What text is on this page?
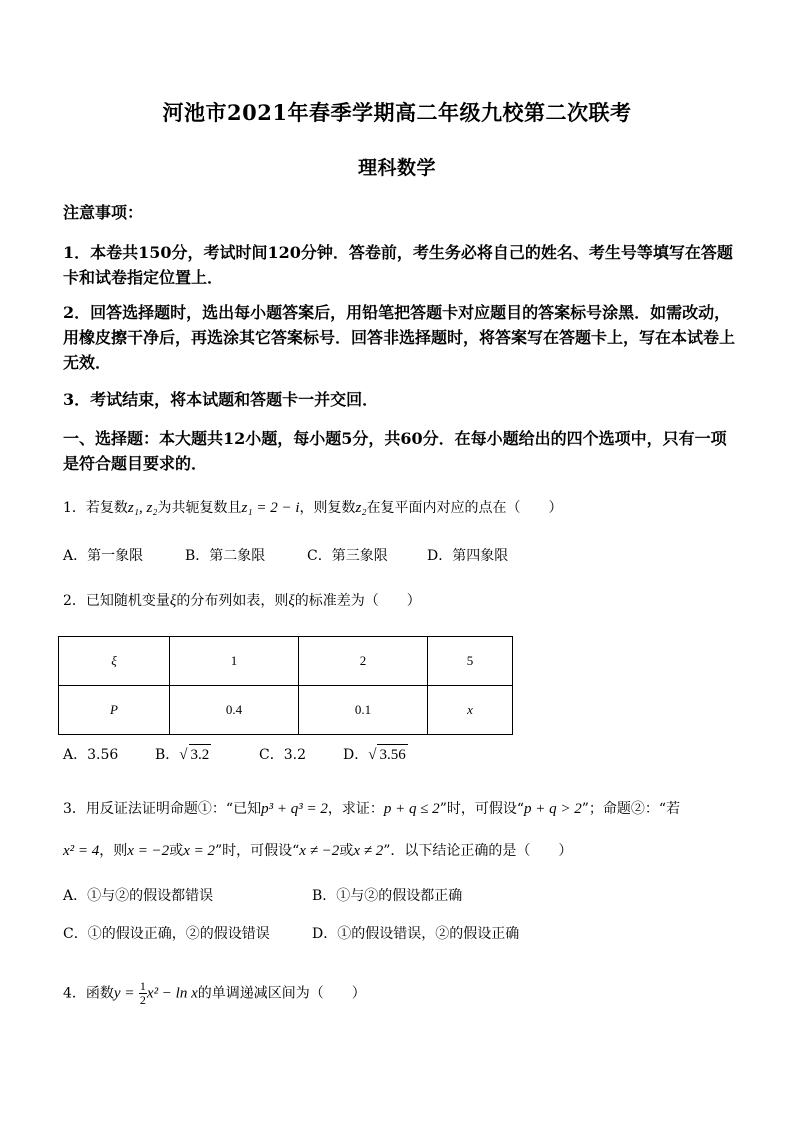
河池市2021年春季学期高二年级九校第二次联考
理科数学
注意事项：
1．本卷共150分，考试时间120分钟．答卷前，考生务必将自己的姓名、考生号等填写在答题卡和试卷指定位置上．
2．回答选择题时，选出每小题答案后，用铅笔把答题卡对应题目的答案标号涂黑．如需改动，用橡皮擦干净后，再选涂其它答案标号．回答非选择题时，将答案写在答题卡上，写在本试卷上无效．
3．考试结束，将本试题和答题卡一并交回．
一、选择题：本大题共12小题，每小题5分，共60分．在每小题给出的四个选项中，只有一项是符合题目要求的．
1．若复数z₁, z₂为共轭复数且z₁ = 2 − i，则复数z₂在复平面内对应的点在（　　）
A．第一象限	B．第二象限	C．第三象限	D．第四象限
2．已知随机变量ξ的分布列如表，则ξ的标准差为（　　）
ξ	1	2	5
P	0.4	0.1	x
A．3.56	B．√ 3.2	C．3.2	D．√ 3.56
3．用反证法证明命题①：“已知p³ + q³ = 2，求证：p + q ≤ 2”时，可假设“p + q > 2”；命题②：“若
x² = 4，则x = −2或x = 2”时，可假设“x ≠ −2或x ≠ 2”．以下结论正确的是（　　）
A．①与②的假设都错误	B．①与②的假设都正确
C．①的假设正确，②的假设错误	D．①的假设错误，②的假设正确
4．函数$y = \frac{1}{2} x^2 - \ln x$的单调递减区间为（　　）
